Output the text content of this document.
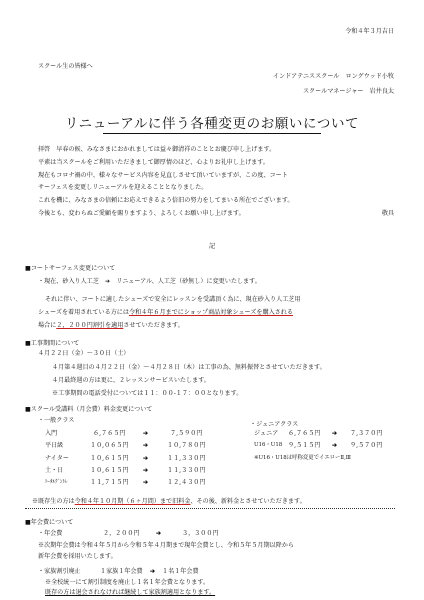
令和４年３月吉日
スクール生の皆様へ
インドアテニススクール　ロングウッド小牧
スクールマネージャー　岩井良太
リニューアルに伴う各種変更のお願いについて
拝啓　早春の候、みなさまにおかれましては益々御清祥のこととお慶び申し上げます。
平素は当スクールをご利用いただきまして御厚情のほど、心よりお礼申し上げます。
現在もコロナ禍の中、様々なサービス内容を見直しさせて頂いていますが、この度、コート
サーフェスを変更しリニューアルを迎えることとなりました。
これを機に、みなさまの信頼にお応えできるよう倍旧の努力をしてまいる所在でございます。
今後とも、変わらぬご愛顧を賜りますよう、よろしくお願い申し上げます。	敬具
記
■コートサーフェス変更について
・現在、砂入り人工芝　➔　リニューアル、人工芝（砂無し）に変更いたします。
それに伴い、コートに適したシューズで安全にレッスンを受講頂く為に、現在砂入り人工芝用
シューズを着用されている方には令和４年６月までにショップ商品対象シューズを購入される
場合に２，２００円割引を適用させていただきます。
■工事期間について
４月２２日（金）～３０日（土）
４月第４週目の４月２２日（金）～４月２８日（木）は工事の為、無料振替とさせていただきます。
４月最終週の方は更に、２レッスンサービスいたします。
※工事期間の電話受付については１１：００-１７：００となります。
■スクール受講料（月会費）料金変更について
・一般クラス
・ジュニアクラス
入門	６,７６５円	➔	７,５９０円
平日級	１０,０６５円 ➔	１０,７８０円
ナイター	１０,６１５円 ➔	１１,３３０円
土・日	１０,６１５円 ➔	１１,３３０円
ﾄｰﾀﾙｸﾞﾝﾄﾚ	１１,７１５円 ➔	１２,４３０円
ジュニア ６,７６５円 ➔ ７,３７０円
U16・U18 ９,５１５円 ➔ ９,５７０円
※U16・U18は呼称変更でイエローⅡ,Ⅲ
※既存生の方は令和４年１０月期（６ヶ月間）まで旧料金、その後、新料金とさせていただきます。
■年会費について
・年会費	２，２００円	➔	３，３００円
※次期年会費は令和４年５月から令和５年４月期まで現年会費とし、令和５年５月期以降から
新年会費を採用いたします。
・家族割引廃止	１家族１年会費 ➔ １名１年会費
※全校統一にて割引制度を廃止し１名１年会費となります。
既存の方は退会されなければ継続して家族割適用となります。
